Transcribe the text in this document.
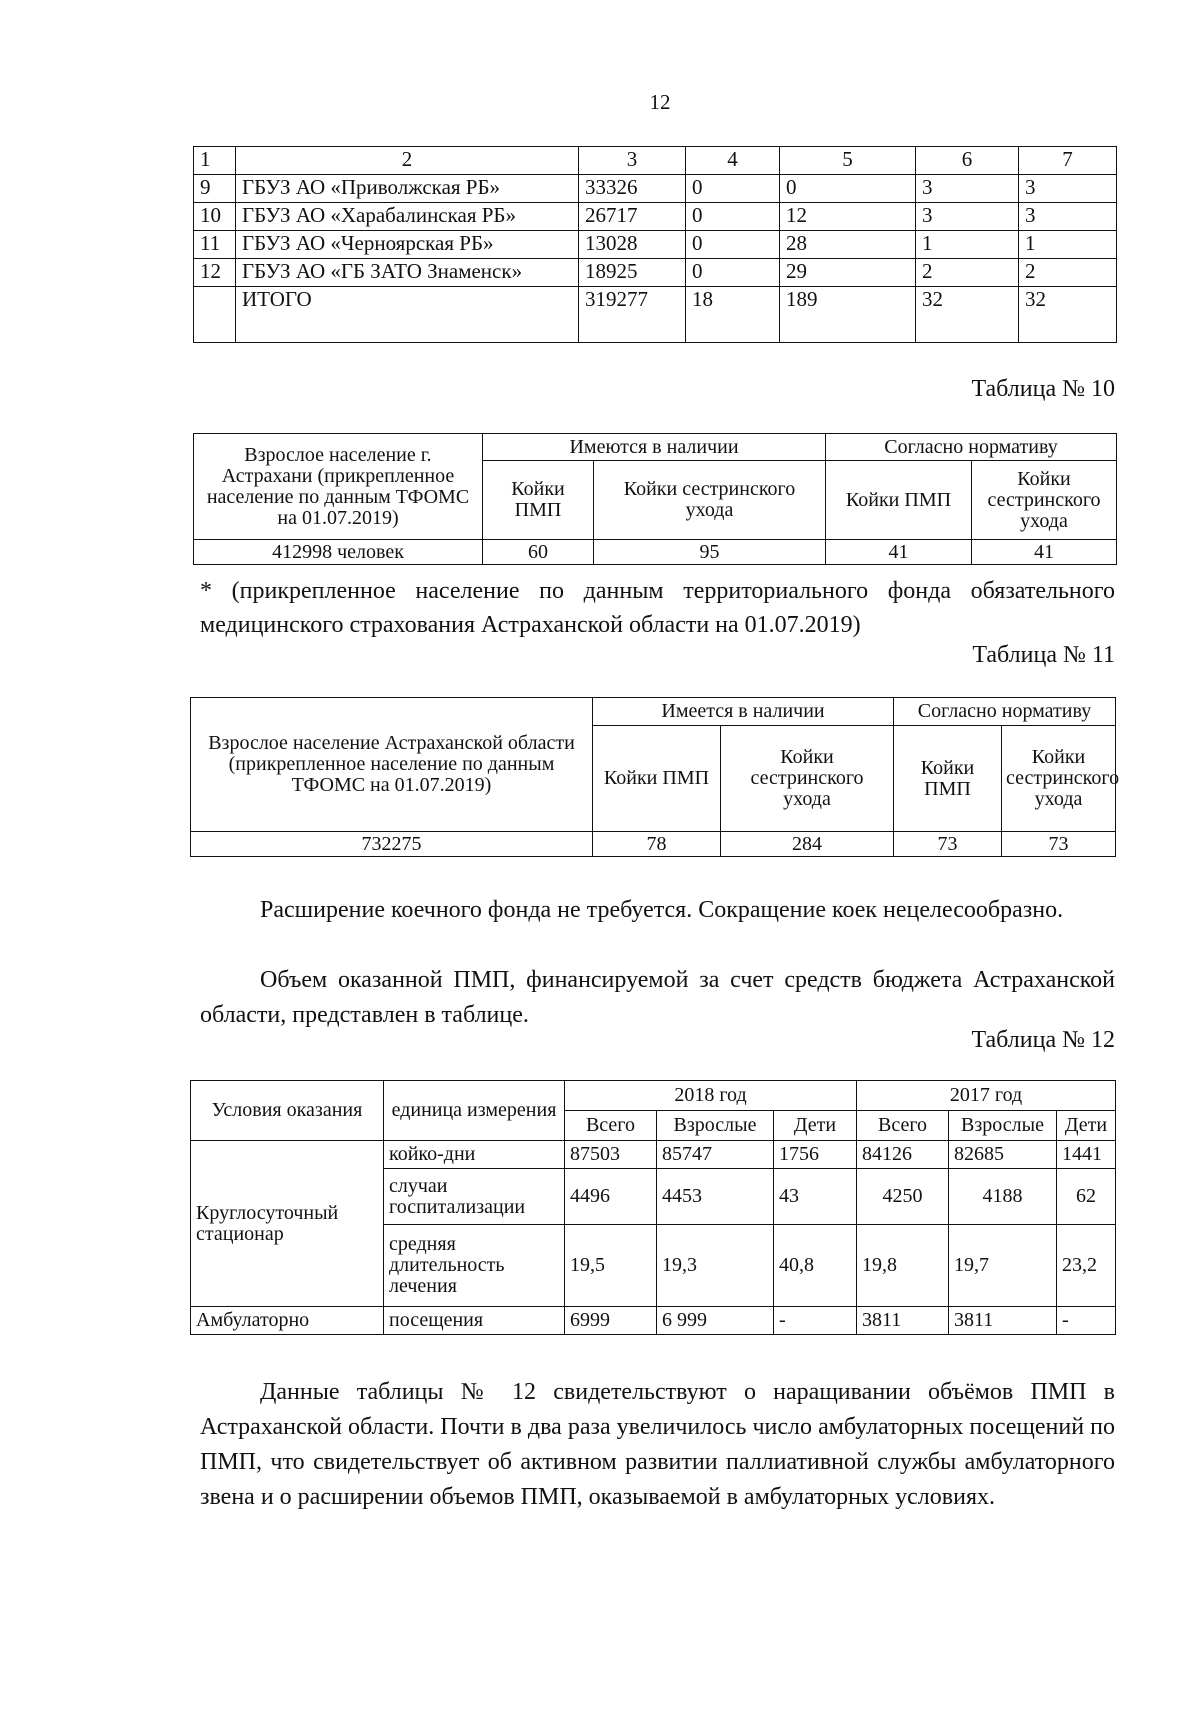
12
1	2	3	4	5	6	7
9	ГБУЗ АО «Приволжская РБ»	33326	0	0	3	3
10	ГБУЗ АО «Харабалинская РБ»	26717	0	12	3	3
11	ГБУЗ АО «Черноярская РБ»	13028	0	28	1	1
12	ГБУЗ АО «ГБ ЗАТО Знаменск»	18925	0	29	2	2
	ИТОГО	319277	18	189	32	32
Таблица № 10
Взрослое население г. Астрахани (прикрепленное население по данным ТФОМС на 01.07.2019)	Имеются в наличии		Согласно нормативу	
	Койки ПМП	Койки сестринского ухода	Койки ПМП	Койки сестринского ухода
412998 человек	60	95	41	41
* (прикрепленное население по данным территориального фонда обязательного медицинского страхования Астраханской области на 01.07.2019)
Таблица № 11
Взрослое население Астраханской области (прикрепленное население по данным ТФОМС на 01.07.2019)	Имеется в наличии		Согласно нормативу	
	Койки ПМП	Койки сестринского ухода	Койки ПМП	Койки сестринского ухода
732275	78	284	73	73
Расширение коечного фонда не требуется. Сокращение коек нецелесообразно.
Объем оказанной ПМП, финансируемой за счет средств бюджета Астраханской области, представлен в таблице.
Таблица № 12
Условия оказания	единица измерения	2018 год			2017 год		
		Всего	Взрослые	Дети	Всего	Взрослые	Дети
Круглосуточный стационар	койко-дни	87503	85747	1756	84126	82685	1441
	случаи госпитализации	4496	4453	43	4250	4188	62
	средняя длительность лечения	19,5	19,3	40,8	19,8	19,7	23,2
Амбулаторно	посещения	6999	6 999	-	3811	3811	-
Данные таблицы № 12 свидетельствуют о наращивании объёмов ПМП в Астраханской области. Почти в два раза увеличилось число амбулаторных посещений по ПМП, что свидетельствует об активном развитии паллиативной службы амбулаторного звена и о расширении объемов ПМП, оказываемой в амбулаторных условиях.
